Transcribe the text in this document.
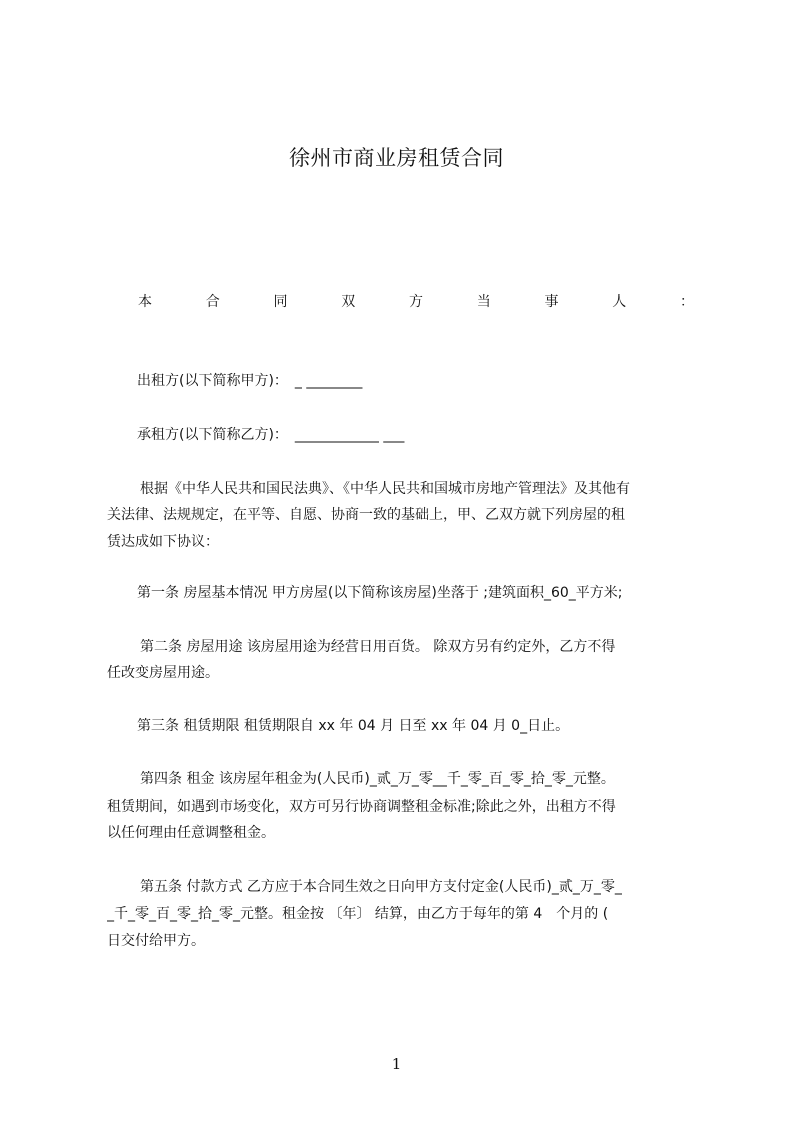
徐州市商业房租赁合同
本	合	同	双	方	当	事	人	：
出租方(以下简称甲方)：　_ ________
承租方(以下简称乙方)：　____________ ___
根据《中华人民共和国民法典》、《中华人民共和国城市房地产管理法》及其他有
关法律、法规规定，在平等、自愿、协商一致的基础上，甲、乙双方就下列房屋的租
赁达成如下协议：
第一条 房屋基本情况 甲方房屋(以下简称该房屋)坐落于 ;建筑面积_60_平方米;
第二条 房屋用途 该房屋用途为经营日用百货。 除双方另有约定外，乙方不得
任改变房屋用途。
第三条 租赁期限 租赁期限自 xx 年 04 月 日至 xx 年 04 月 0_日止。
第四条 租金 该房屋年租金为(人民币)_贰_万_零__千_零_百_零_拾_零_元整。
租赁期间，如遇到市场变化，双方可另行协商调整租金标准;除此之外，出租方不得
以任何理由任意调整租金。
第五条 付款方式 乙方应于本合同生效之日向甲方支付定金(人民币)_贰_万_零_
_千_零_百_零_拾_零_元整。租金按 〔年〕 结算，由乙方于每年的第 4　个月的 (
日交付给甲方。
1
